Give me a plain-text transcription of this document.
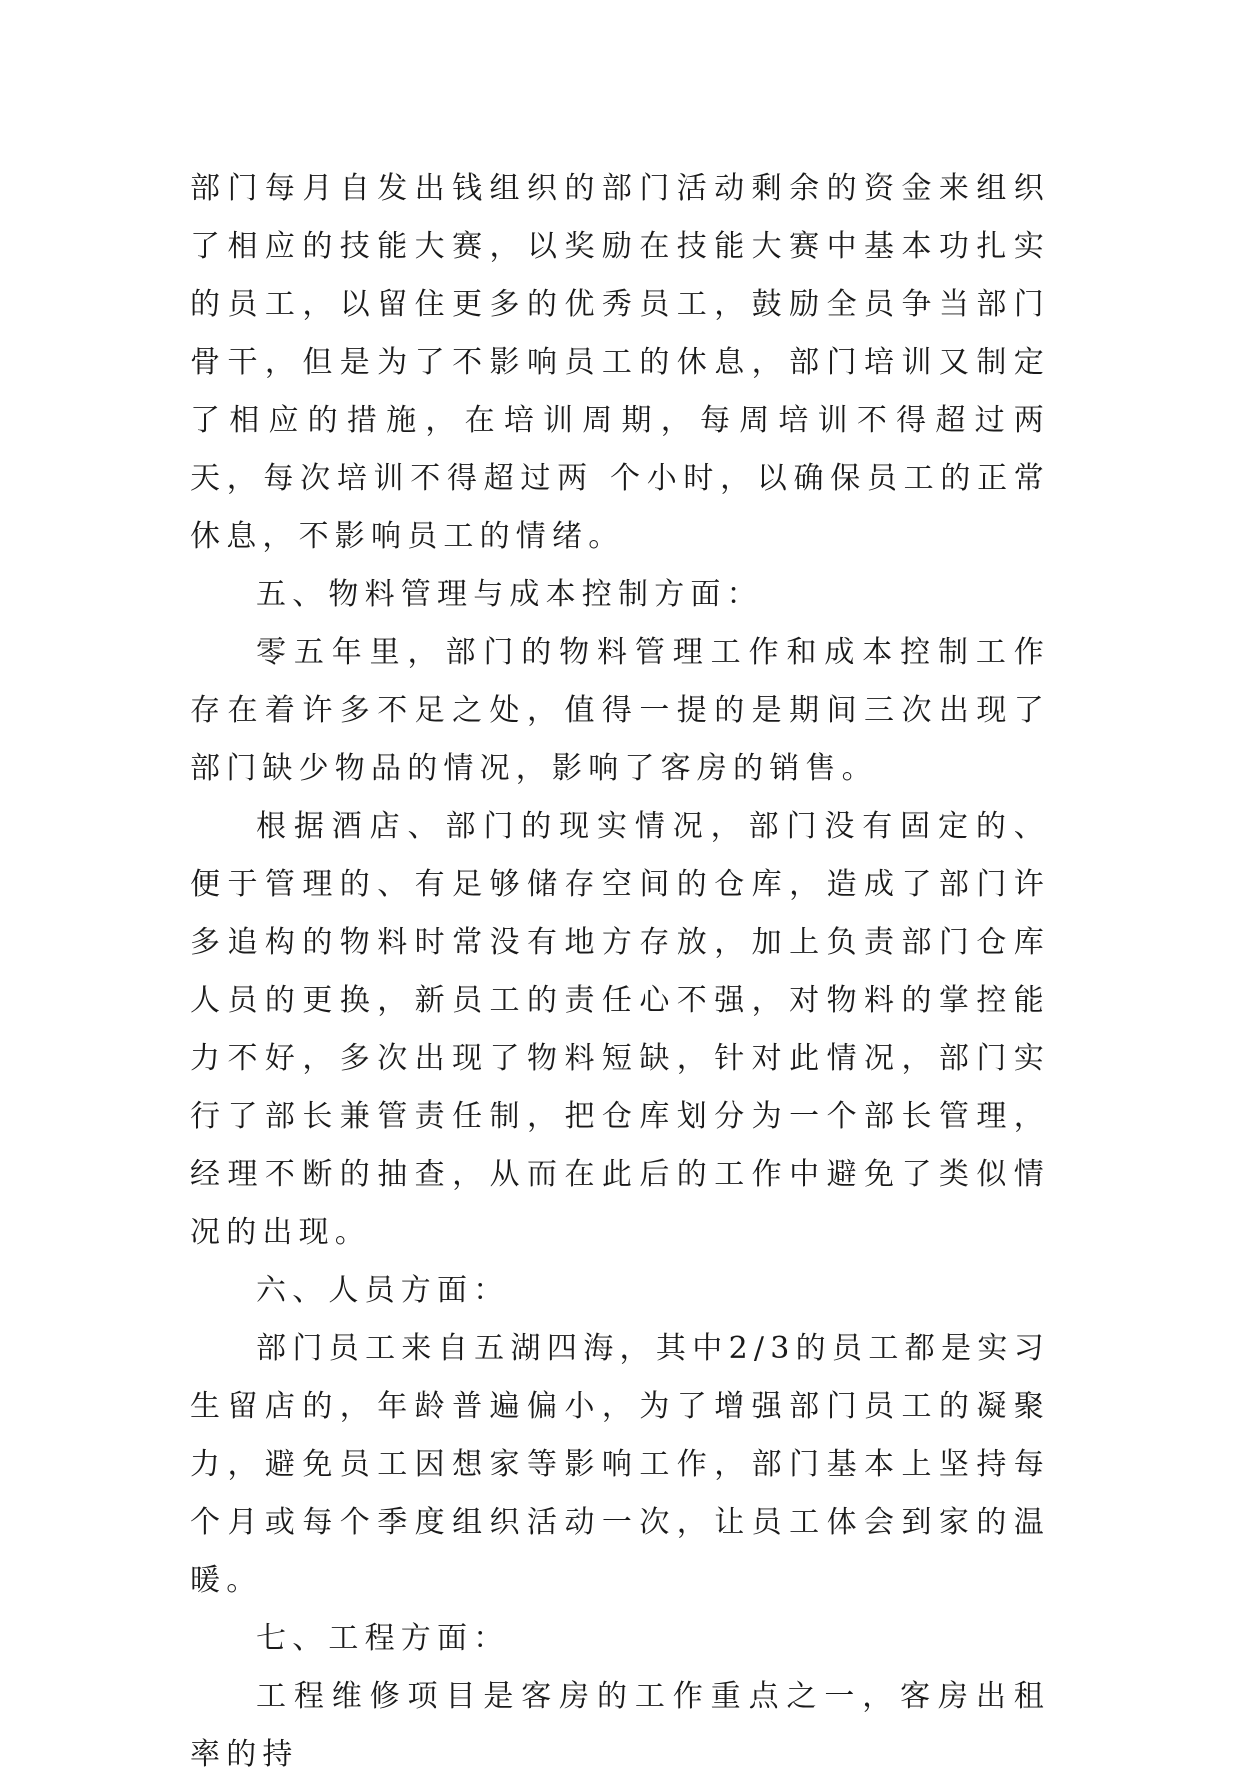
部门每月自发出钱组织的部门活动剩余的资金来组织了相应的技能大赛，以奖励在技能大赛中基本功扎实的员工，以留住更多的优秀员工，鼓励全员争当部门骨干，但是为了不影响员工的休息，部门培训又制定了相应的措施，在培训周期，每周培训不得超过两天，每次培训不得超过两 个小时，以确保员工的正常休息，不影响员工的情绪。

五、物料管理与成本控制方面：

零五年里，部门的物料管理工作和成本控制工作存在着许多不足之处，值得一提的是期间三次出现了部门缺少物品的情况，影响了客房的销售。

根据酒店、部门的现实情况，部门没有固定的、便于管理的、有足够储存空间的仓库，造成了部门许多追构的物料时常没有地方存放，加上负责部门仓库人员的更换，新员工的责任心不强，对物料的掌控能力不好，多次出现了物料短缺，针对此情况，部门实行了部长兼管责任制，把仓库划分为一个部长管理，经理不断的抽查，从而在此后的工作中避免了类似情况的出现。

六、人员方面：

部门员工来自五湖四海，其中2/3的员工都是实习生留店的，年龄普遍偏小，为了增强部门员工的凝聚力，避免员工因想家等影响工作，部门基本上坚持每个月或每个季度组织活动一次，让员工体会到家的温暖。

七、工程方面：

工程维修项目是客房的工作重点之一，客房出租率的持
